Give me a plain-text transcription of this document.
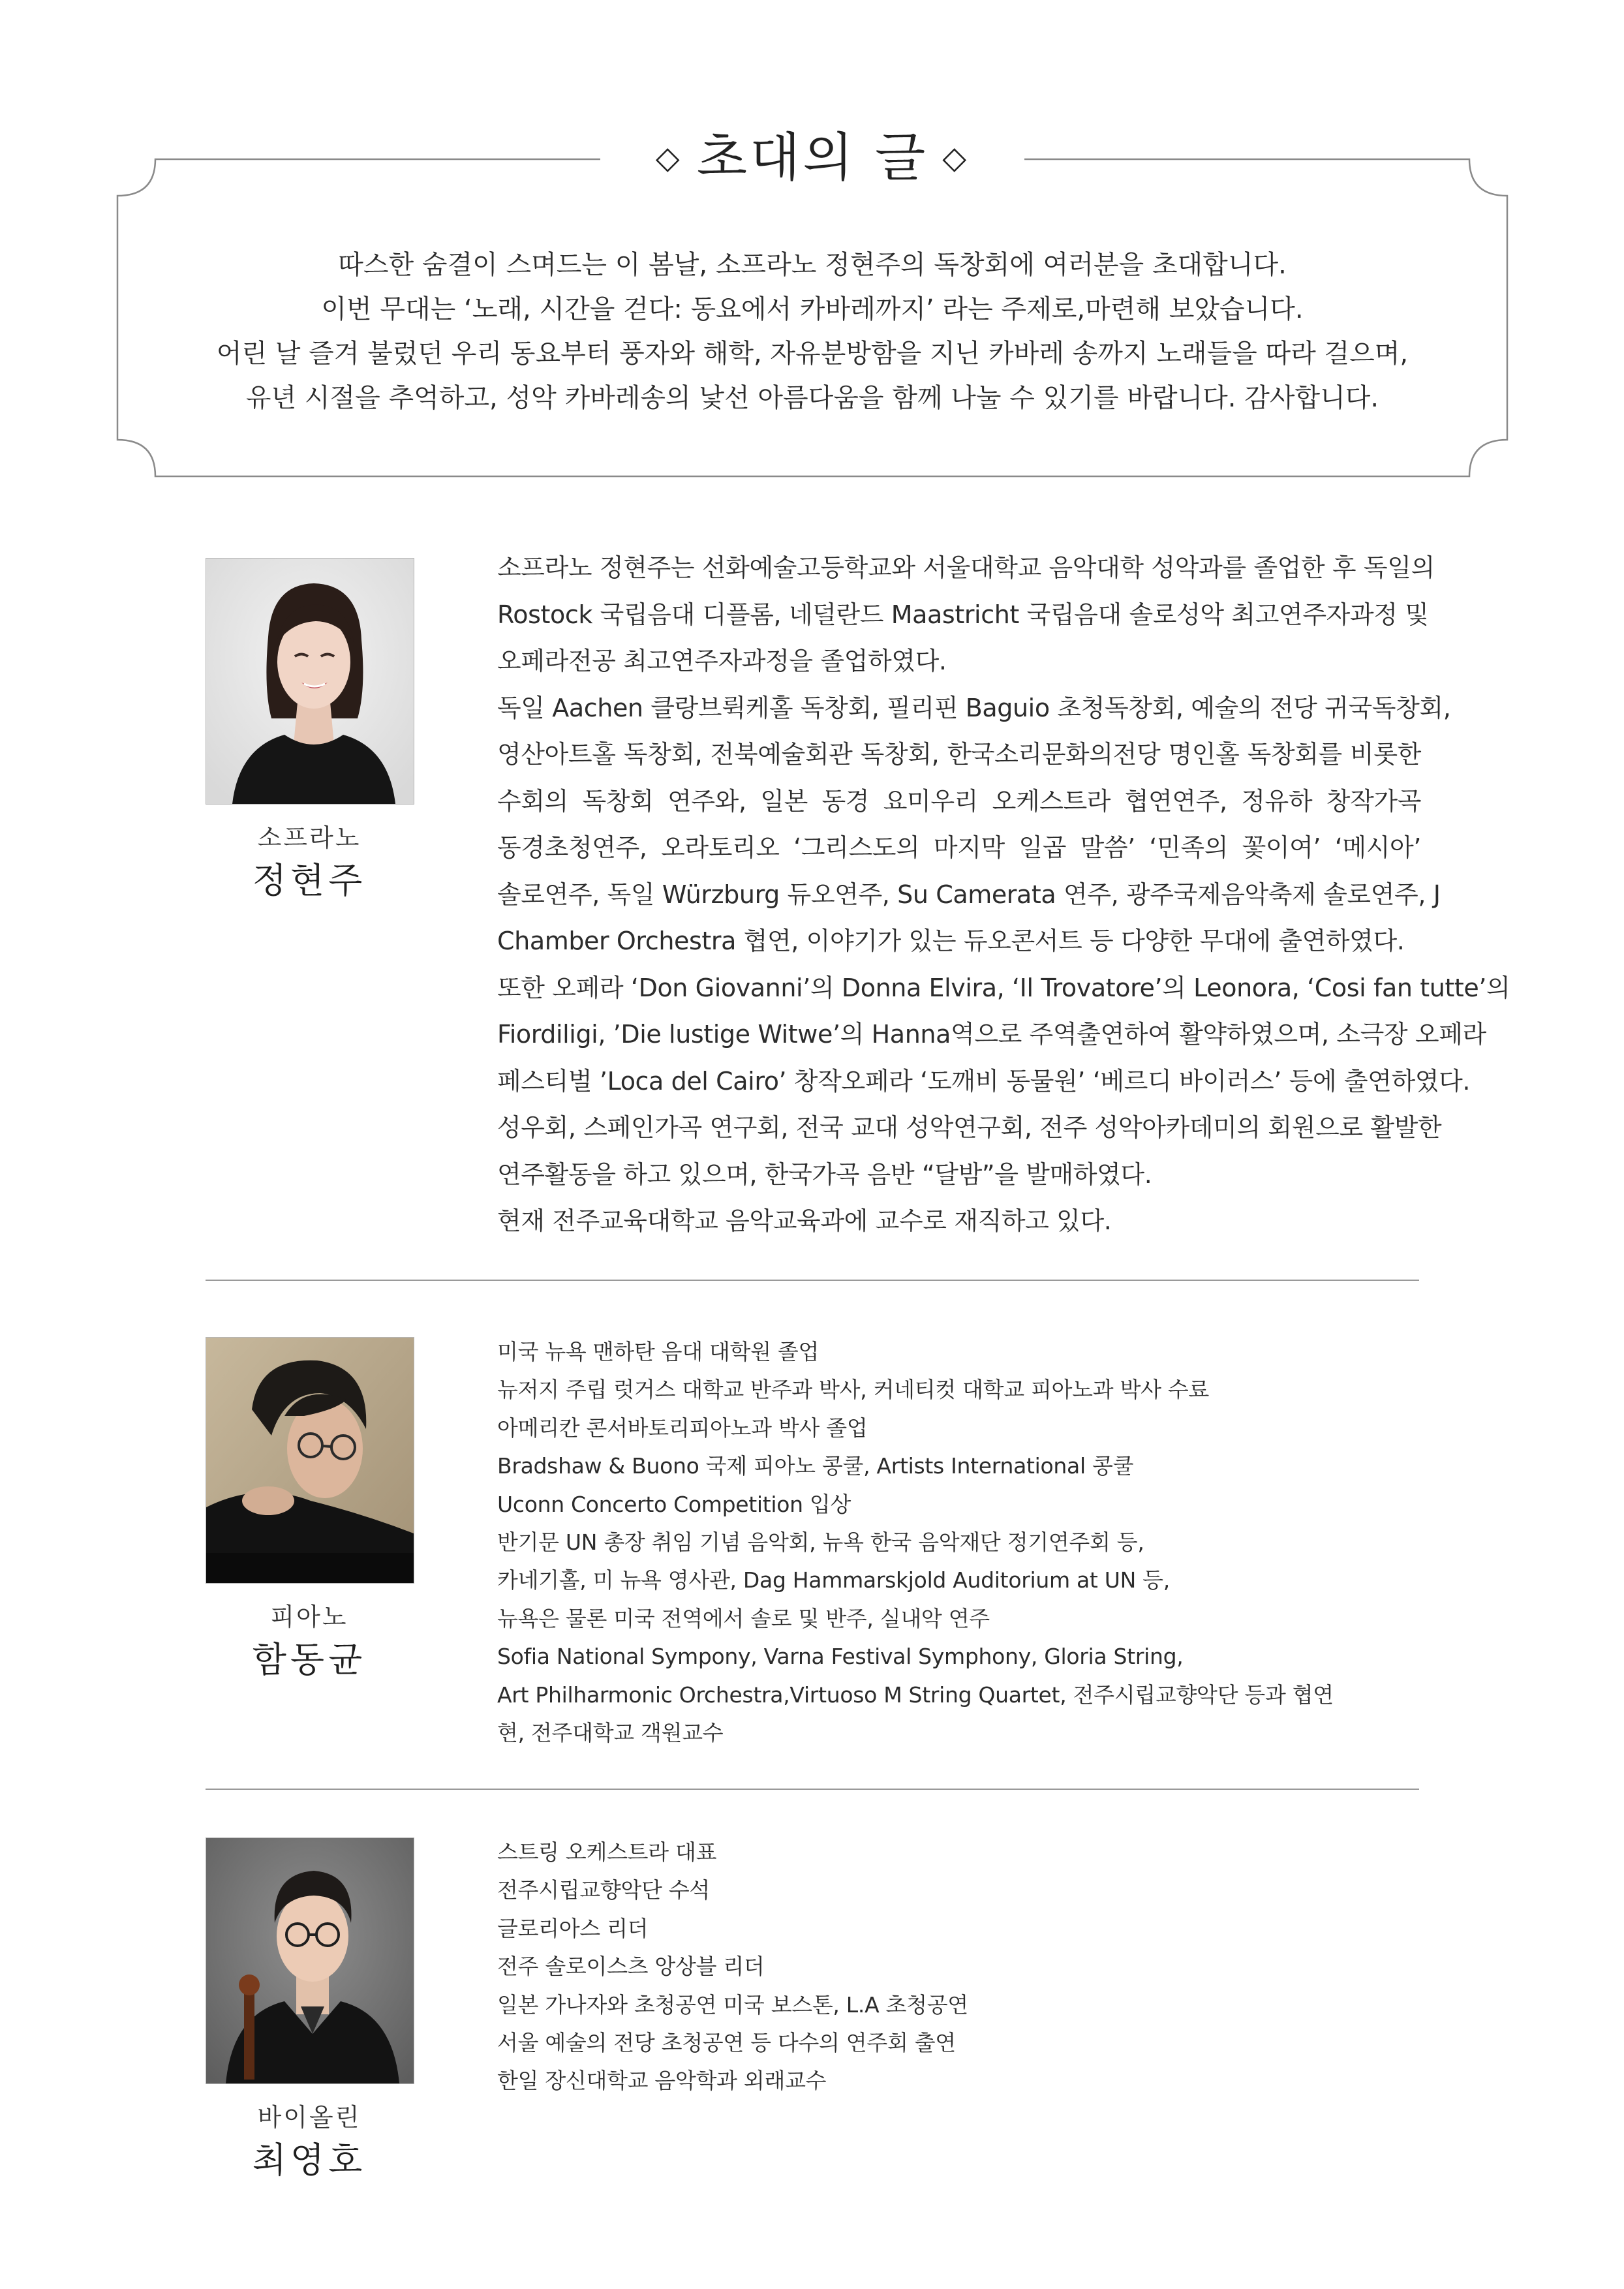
◇ 초대의 글 ◇
따스한 숨결이 스며드는 이 봄날, 소프라노 정현주의 독창회에 여러분을 초대합니다.
이번 무대는 ‘노래, 시간을 걷다: 동요에서 카바레까지’ 라는 주제로,마련해 보았습니다.
어린 날 즐겨 불렀던 우리 동요부터 풍자와 해학, 자유분방함을 지닌 카바레 송까지 노래들을 따라 걸으며,
유년 시절을 추억하고, 성악 카바레송의 낯선 아름다움을 함께 나눌 수 있기를 바랍니다. 감사합니다.
소프라노
정현주
소프라노 정현주는 선화예술고등학교와 서울대학교 음악대학 성악과를 졸업한 후 독일의
Rostock 국립음대 디플롬, 네덜란드 Maastricht 국립음대 솔로성악 최고연주자과정 및
오페라전공 최고연주자과정을 졸업하였다.
독일 Aachen 클랑브뤽케홀 독창회, 필리핀 Baguio 초청독창회, 예술의 전당 귀국독창회,
영산아트홀 독창회, 전북예술회관 독창회, 한국소리문화의전당 명인홀 독창회를 비롯한
수회의 독창회 연주와, 일본 동경 요미우리 오케스트라 협연연주, 정유하 창작가곡
동경초청연주, 오라토리오 ‘그리스도의 마지막 일곱 말씀’ ‘민족의 꽃이여’ ‘메시아’
솔로연주, 독일 Würzburg 듀오연주, Su Camerata 연주, 광주국제음악축제 솔로연주, J
Chamber Orchestra 협연, 이야기가 있는 듀오콘서트 등 다양한 무대에 출연하였다.
또한 오페라 ‘Don Giovanni’의 Donna Elvira, ‘Il Trovatore’의 Leonora, ‘Cosi fan tutte’의
Fiordiligi, ’Die lustige Witwe’의 Hanna역으로 주역출연하여 활약하였으며, 소극장 오페라
페스티벌 ’Loca del Cairo’ 창작오페라 ‘도깨비 동물원’ ‘베르디 바이러스’ 등에 출연하였다.
성우회, 스페인가곡 연구회, 전국 교대 성악연구회, 전주 성악아카데미의 회원으로 활발한
연주활동을 하고 있으며, 한국가곡 음반 “달밤”을 발매하였다.
현재 전주교육대학교 음악교육과에 교수로 재직하고 있다.
피아노
함동균
미국 뉴욕 맨하탄 음대 대학원 졸업
뉴저지 주립 럿거스 대학교 반주과 박사, 커네티컷 대학교 피아노과 박사 수료
아메리칸 콘서바토리피아노과 박사 졸업
Bradshaw & Buono 국제 피아노 콩쿨, Artists International 콩쿨
Uconn Concerto Competition 입상
반기문 UN 총장 취임 기념 음악회, 뉴욕 한국 음악재단 정기연주회 등,
카네기홀, 미 뉴욕 영사관, Dag Hammarskjold Auditorium at UN 등,
뉴욕은 물론 미국 전역에서 솔로 및 반주, 실내악 연주
Sofia National Sympony, Varna Festival Symphony, Gloria String,
Art Philharmonic Orchestra,Virtuoso M String Quartet, 전주시립교향악단 등과 협연
현, 전주대학교 객원교수
바이올린
최영호
스트링 오케스트라 대표
전주시립교향악단 수석
글로리아스 리더
전주 솔로이스츠 앙상블 리더
일본 가나자와 초청공연 미국 보스톤, L.A 초청공연
서울 예술의 전당 초청공연 등 다수의 연주회 출연
한일 장신대학교 음악학과 외래교수
